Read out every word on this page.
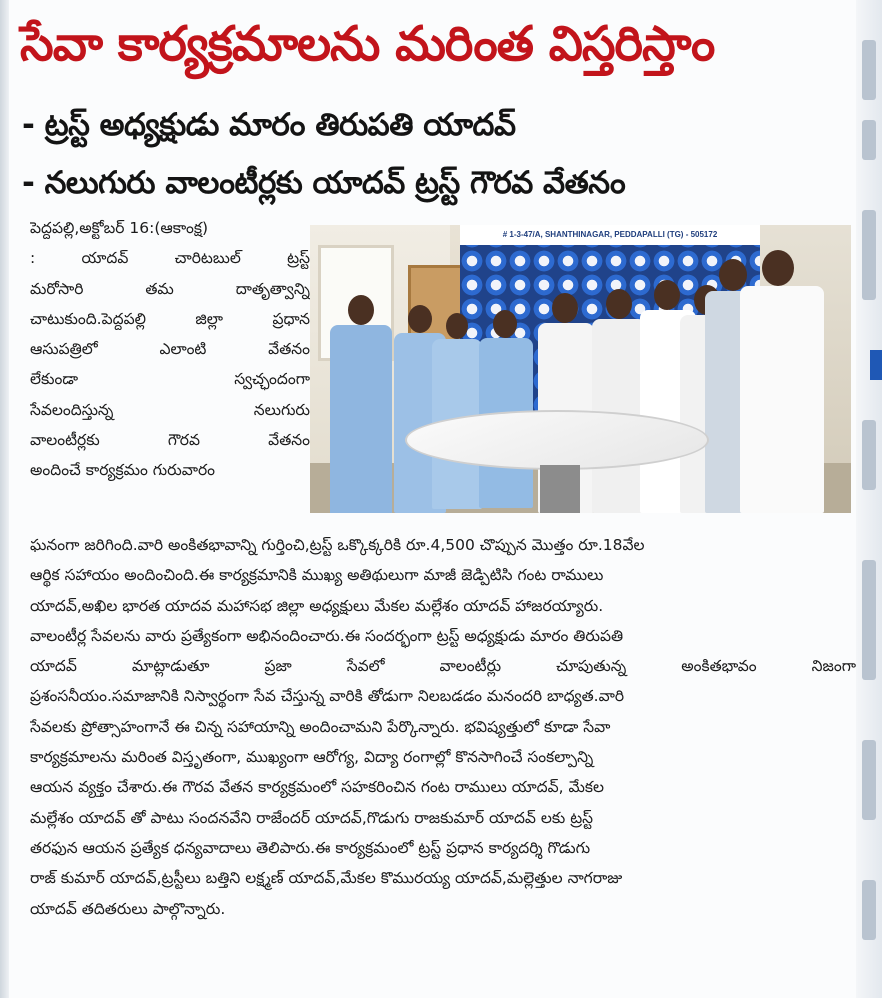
సేవా కార్యక్రమాలను మరింత విస్తరిస్తాం
- ట్రస్ట్ అధ్యక్షుడు మారం తిరుపతి యాదవ్
- నలుగురు వాలంటీర్లకు యాదవ్ ట్రస్ట్ గౌరవ వేతనం
# 1-3-47/A, SHANTHINAGAR, PEDDAPALLI (TG) - 505172
పెద్దపల్లి,అక్టోబర్ 16:(ఆకాంక్ష)
: యాదవ్ చారిటబుల్ ట్రస్ట్
మరోసారి తమ దాతృత్వాన్ని
చాటుకుంది.పెద్దపల్లి జిల్లా ప్రధాన
ఆసుపత్రిలో ఎలాంటి వేతనం
లేకుండా స్వచ్ఛందంగా
సేవలందిస్తున్న నలుగురు
వాలంటీర్లకు గౌరవ వేతనం
అందించే కార్యక్రమం గురువారం
ఘనంగా జరిగింది.వారి అంకితభావాన్ని గుర్తించి,ట్రస్ట్ ఒక్కొక్కరికి రూ.4,500 చొప్పున మొత్తం రూ.18వేల
ఆర్థిక సహాయం అందించింది.ఈ కార్యక్రమానికి ముఖ్య అతిథులుగా మాజీ జెడ్పిటిసి గంట రాములు
యాదవ్,అఖిల భారత యాదవ మహాసభ జిల్లా అధ్యక్షులు మేకల మల్లేశం యాదవ్ హాజరయ్యారు.
వాలంటీర్ల సేవలను వారు ప్రత్యేకంగా అభినందించారు.ఈ సందర్భంగా ట్రస్ట్ అధ్యక్షుడు మారం తిరుపతి
యాదవ్ మాట్లాడుతూ ప్రజా సేవలో వాలంటీర్లు చూపుతున్న అంకితభావం నిజంగా
ప్రశంసనీయం.సమాజానికి నిస్వార్థంగా సేవ చేస్తున్న వారికి తోడుగా నిలబడడం మనందరి బాధ్యత.వారి
సేవలకు ప్రోత్సాహంగానే ఈ చిన్న సహాయాన్ని అందించామని పేర్కొన్నారు. భవిష్యత్తులో కూడా సేవా
కార్యక్రమాలను మరింత విస్తృతంగా, ముఖ్యంగా ఆరోగ్య, విద్యా రంగాల్లో కొనసాగించే సంకల్పాన్ని
ఆయన వ్యక్తం చేశారు.ఈ గౌరవ వేతన కార్యక్రమంలో సహకరించిన గంట రాములు యాదవ్, మేకల
మల్లేశం యాదవ్ తో పాటు సందనవేని రాజేందర్ యాదవ్,గొడుగు రాజకుమార్ యాదవ్ లకు ట్రస్ట్
తరఫున ఆయన ప్రత్యేక ధన్యవాదాలు తెలిపారు.ఈ కార్యక్రమంలో ట్రస్ట్ ప్రధాన కార్యదర్శి గొడుగు
రాజ్ కుమార్ యాదవ్,ట్రస్టీలు బత్తిని లక్ష్మణ్ యాదవ్,మేకల కొమురయ్య యాదవ్,మల్లెత్తుల నాగరాజు
యాదవ్ తదితరులు పాల్గొన్నారు.
